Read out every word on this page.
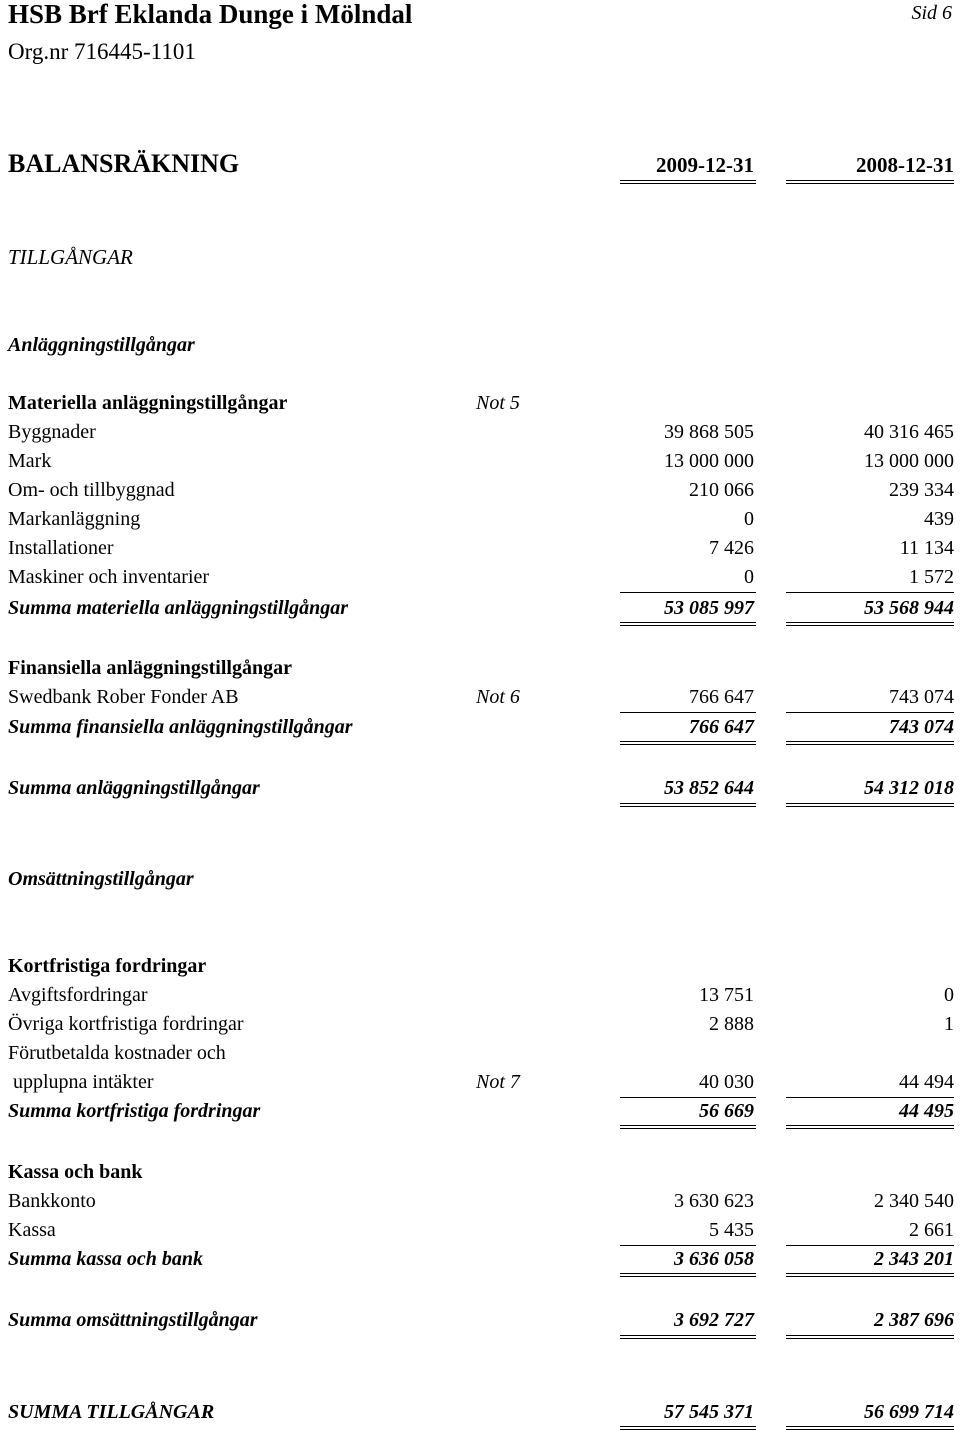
HSB Brf Eklanda Dunge i Mölndal
Org.nr 716445-1101
Sid 6
BALANSRÄKNING	2009-12-31	2008-12-31
TILLGÅNGAR
Anläggningstillgångar
Materiella anläggningstillgångar	Not 5
Byggnader	39 868 505	40 316 465
Mark	13 000 000	13 000 000
Om- och tillbyggnad	210 066	239 334
Markanläggning	0	439
Installationer	7 426	11 134
Maskiner och inventarier	0	1 572
Summa materiella anläggningstillgångar	53 085 997	53 568 944
Finansiella anläggningstillgångar
Swedbank Rober Fonder AB	Not 6	766 647	743 074
Summa finansiella anläggningstillgångar	766 647	743 074
Summa anläggningstillgångar	53 852 644	54 312 018
Omsättningstillgångar
Kortfristiga fordringar
Avgiftsfordringar	13 751	0
Övriga kortfristiga fordringar	2 888	1
Förutbetalda kostnader och
upplupna intäkter	Not 7	40 030	44 494
Summa kortfristiga fordringar	56 669	44 495
Kassa och bank
Bankkonto	3 630 623	2 340 540
Kassa	5 435	2 661
Summa kassa och bank	3 636 058	2 343 201
Summa omsättningstillgångar	3 692 727	2 387 696
SUMMA TILLGÅNGAR	57 545 371	56 699 714
